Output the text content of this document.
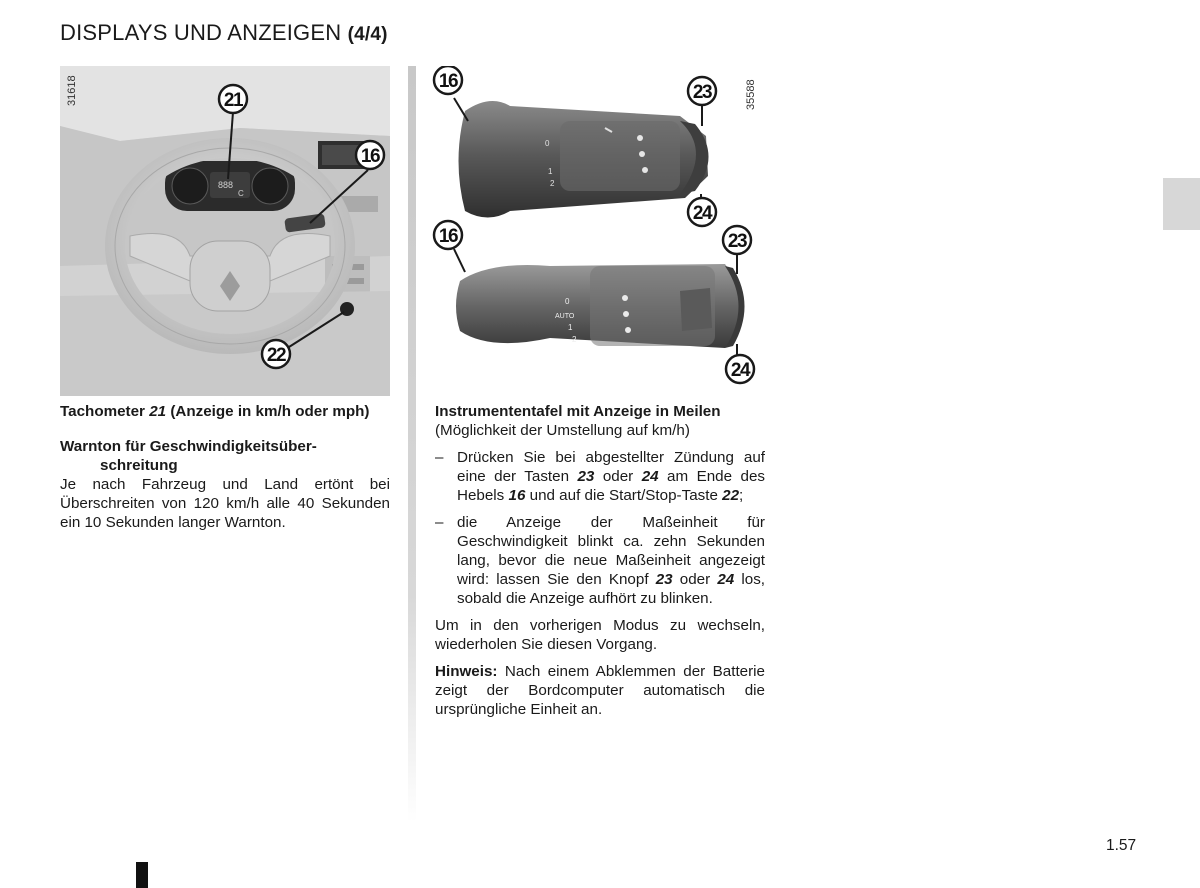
DISPLAYS UND ANZEIGEN (4/4)
888
C
21
16
22
31618
1
2
0
0
AUTO
1
2
16
23
24
16	23
24
35588

Tachometer 21 (Anzeige in km/h oder mph)

Warnton für Geschwindigkeitsüber-

schreitung

Je nach Fahrzeug und Land ertönt bei Überschreiten von 120 km/h alle 40 Sekunden ein 10 Sekunden langer Warnton.

Instrumententafel mit Anzeige in Meilen
(Möglichkeit der Umstellung auf km/h)

– Drücken Sie bei abgestellter Zündung auf eine der Tasten 23 oder 24 am Ende des Hebels 16 und auf die Start/Stop-Taste 22;
– die Anzeige der Maßeinheit für Geschwindigkeit blinkt ca. zehn Sekunden lang, bevor die neue Maßeinheit angezeigt wird: lassen Sie den Knopf 23 oder 24 los, sobald die Anzeige aufhört zu blinken.

Um in den vorherigen Modus zu wechseln, wiederholen Sie diesen Vorgang.

Hinweis: Nach einem Abklemmen der Batterie zeigt der Bordcomputer automatisch die ursprüngliche Einheit an.

1.57
